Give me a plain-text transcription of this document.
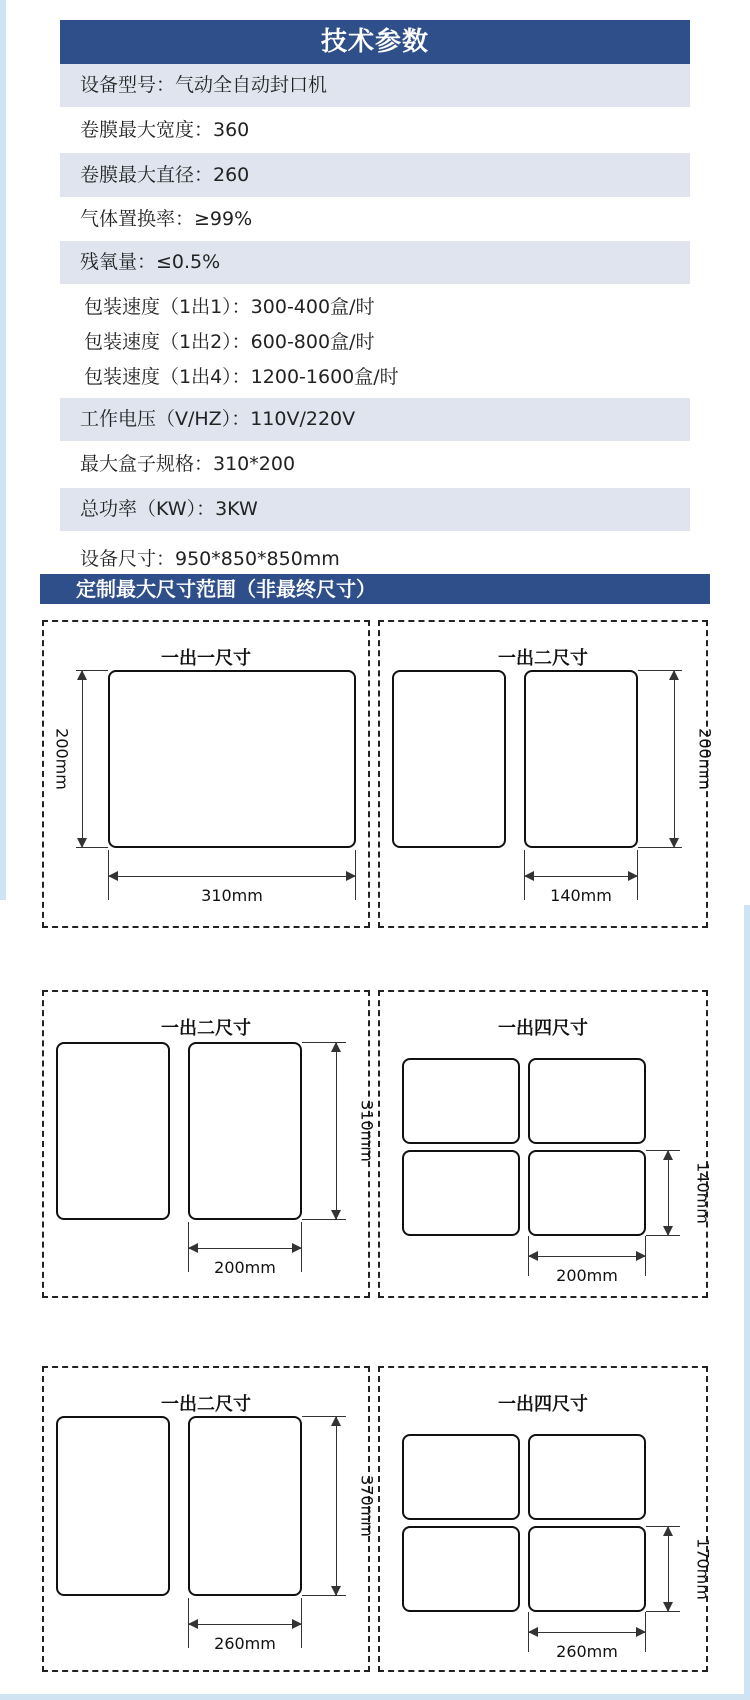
技术参数
设备型号：气动全自动封口机
卷膜最大宽度：360
卷膜最大直径：260
气体置换率：≥99%
残氧量：≤0.5%
包装速度（1出1）：300-400盒/时
包装速度（1出2）：600-800盒/时
包装速度（1出4）：1200-1600盒/时
工作电压（V/HZ）：110V/220V
最大盒子规格：310*200
总功率（KW）：3KW
设备尺寸：950*850*850mm
定制最大尺寸范围（非最终尺寸）
一出一尺寸
200mm
310mm
一出二尺寸
200mm
140mm
一出二尺寸
310mm
200mm
一出四尺寸
140mm
200mm
一出二尺寸
370mm
260mm
一出四尺寸
170mm
260mm
